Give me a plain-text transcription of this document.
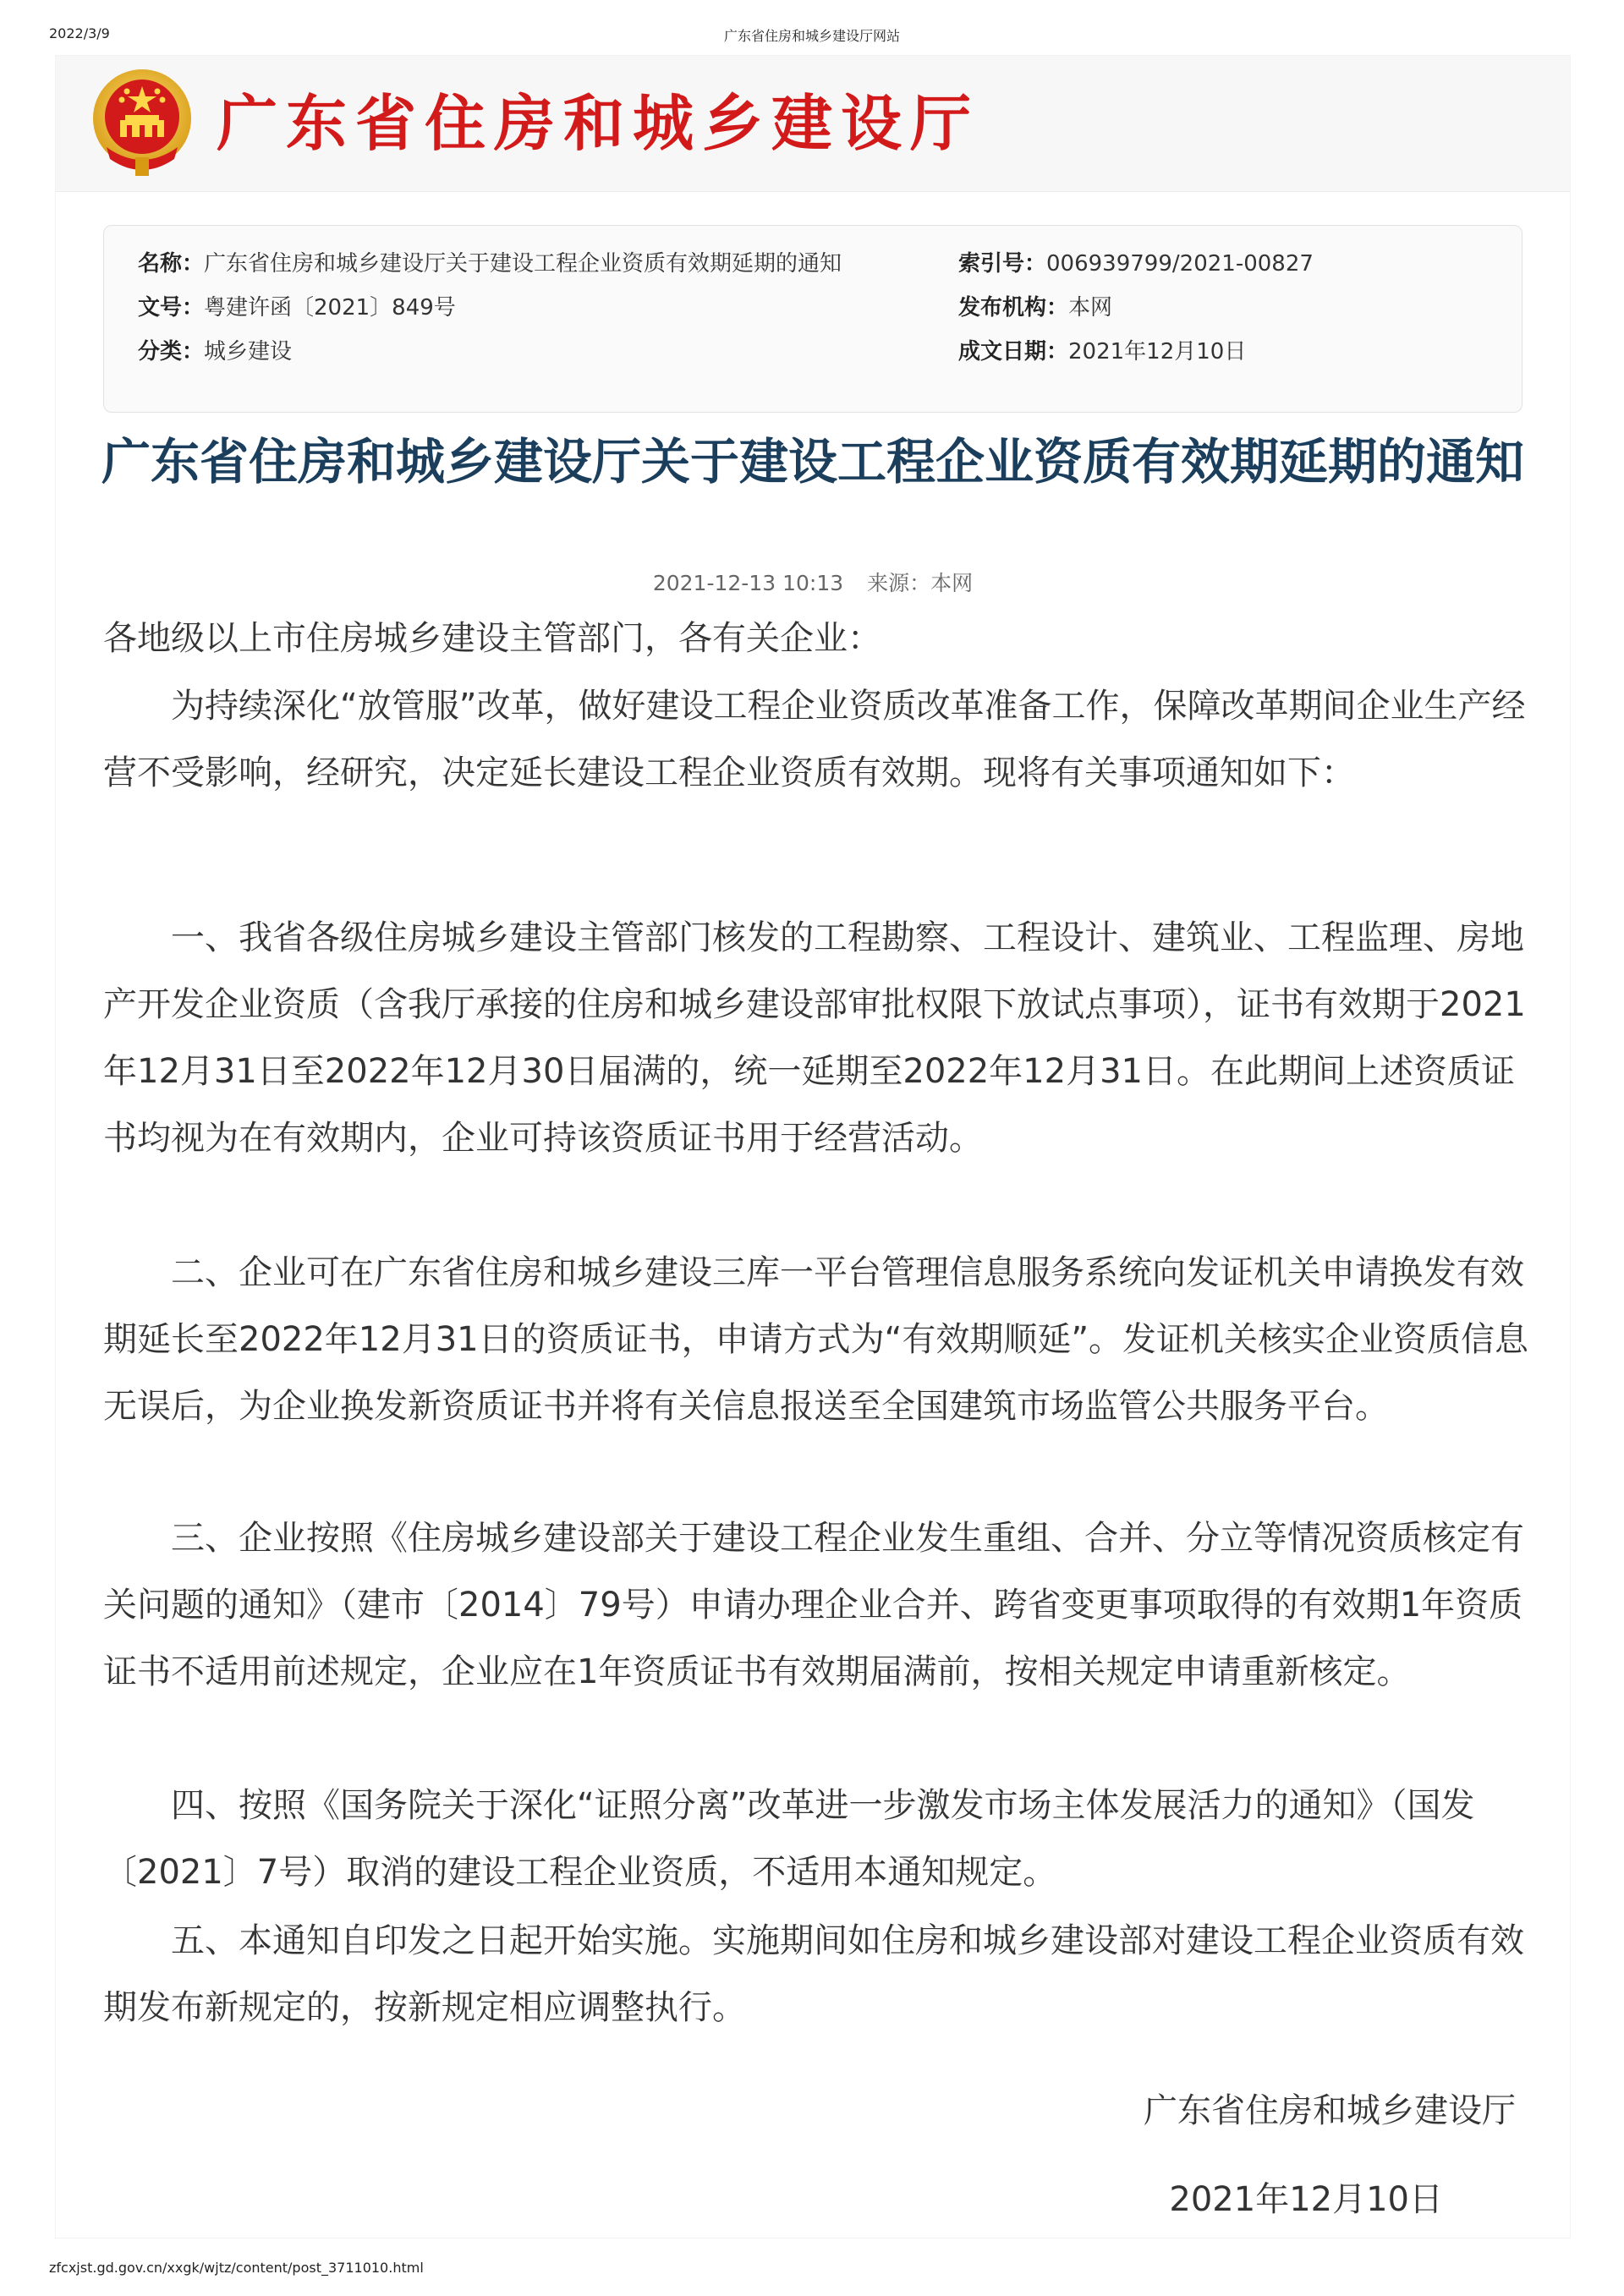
2022/3/9	广东省住房和城乡建设厅网站
广东省住房和城乡建设厅
名称：广东省住房和城乡建设厅关于建设工程企业资质有效期延期的通知	索引号：006939799/2021-00827
文号：粤建许函〔2021〕849号	发布机构：本网
分类：城乡建设	成文日期：2021年12月10日
广东省住房和城乡建设厅关于建设工程企业资质有效期延期的通知
2021-12-13 10:13 来源：本网
各地级以上市住房城乡建设主管部门，各有关企业：
为持续深化“放管服”改革，做好建设工程企业资质改革准备工作，保障改革期间企业生产经营不受影响，经研究，决定延长建设工程企业资质有效期。现将有关事项通知如下：
一、我省各级住房城乡建设主管部门核发的工程勘察、工程设计、建筑业、工程监理、房地产开发企业资质（含我厅承接的住房和城乡建设部审批权限下放试点事项），证书有效期于2021年12月31日至2022年12月30日届满的，统一延期至2022年12月31日。在此期间上述资质证书均视为在有效期内，企业可持该资质证书用于经营活动。
二、企业可在广东省住房和城乡建设三库一平台管理信息服务系统向发证机关申请换发有效期延长至2022年12月31日的资质证书，申请方式为“有效期顺延”。发证机关核实企业资质信息无误后，为企业换发新资质证书并将有关信息报送至全国建筑市场监管公共服务平台。
三、企业按照《住房城乡建设部关于建设工程企业发生重组、合并、分立等情况资质核定有关问题的通知》（建市〔2014〕79号）申请办理企业合并、跨省变更事项取得的有效期1年资质证书不适用前述规定，企业应在1年资质证书有效期届满前，按相关规定申请重新核定。
四、按照《国务院关于深化“证照分离”改革进一步激发市场主体发展活力的通知》（国发〔2021〕7号）取消的建设工程企业资质，不适用本通知规定。
五、本通知自印发之日起开始实施。实施期间如住房和城乡建设部对建设工程企业资质有效期发布新规定的，按新规定相应调整执行。
广东省住房和城乡建设厅
2021年12月10日
zfcxjst.gd.gov.cn/xxgk/wjtz/content/post_3711010.html
